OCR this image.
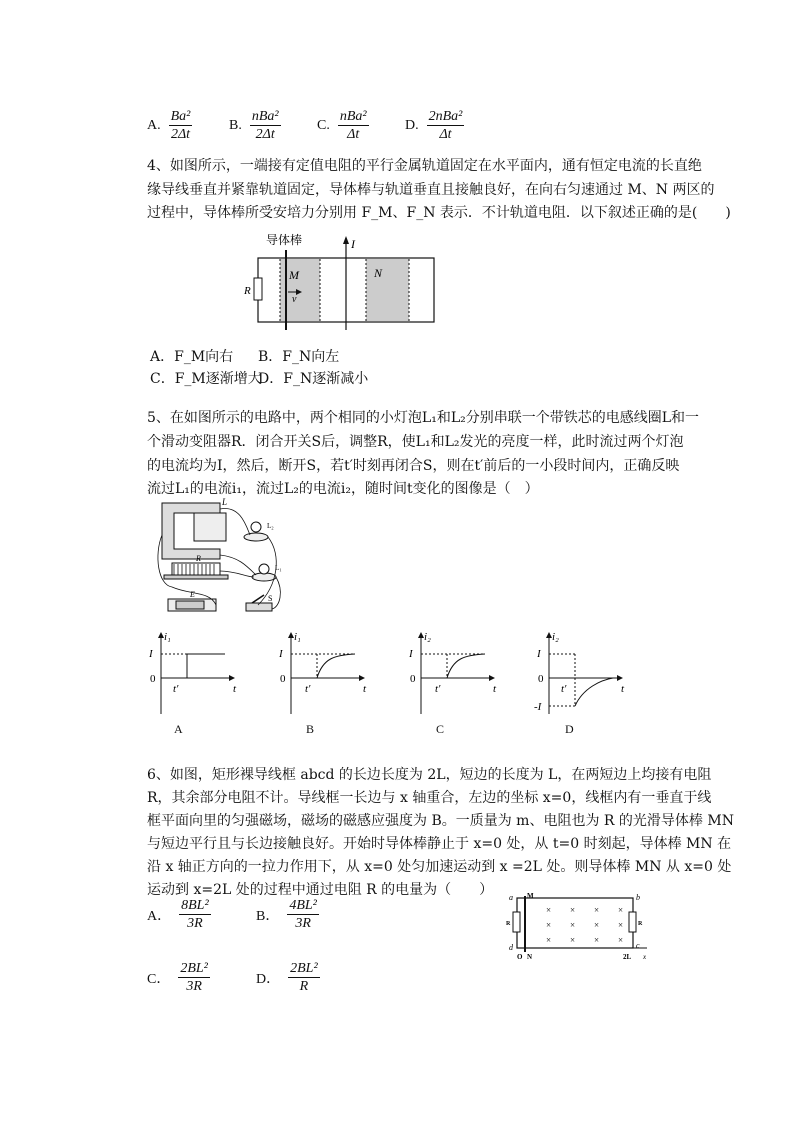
A. $\frac{\text{Ba²}}{2\Delta t}$	B. $\frac{\text{nBa²}}{2\Delta t}$	C. $\frac{\text{nBa²}}{\Delta t}$	D. $\frac{\text{2nBa²}}{\Delta t}$
4、如图所示，一端接有定值电阻的平行金属轨道固定在水平面内，通有恒定电流的长直绝
缘导线垂直并紧靠轨道固定，导体棒与轨道垂直且接触良好，在向右匀速通过 M、N 两区的
过程中，导体棒所受安培力分别用 F_M、F_N 表示．不计轨道电阻．以下叙述正确的是(　　)
导体棒	I
R
M
v
N
A．F_M向右 B．F_N向左
C．F_M逐渐增大
D．F_N逐渐减小
5、在如图所示的电路中，两个相同的小灯泡L₁和L₂分别串联一个带铁芯的电感线圈L和一
个滑动变阻器R．闭合开关S后，调整R，使L₁和L₂发光的亮度一样，此时流过两个灯泡
的电流均为I，然后，断开S，若t′时刻再闭合S，则在t′前后的一小段时间内，正确反映
流过L₁的电流i₁，流过L₂的电流i₂，随时间t变化的图像是（　）
L
L₂
R
L₁
E	S
i₁
I
0
t
t′
i₁
I
0
t
t′
i₂
I
0
t
t′
i₂
I
0
t
t′
-I
A	B	C	D
6、如图，矩形裸导线框 abcd 的长边长度为 2L，短边的长度为 L，在两短边上均接有电阻
R，其余部分电阻不计。导线框一长边与 x 轴重合，左边的坐标 x=0，线框内有一垂直于线
框平面向里的匀强磁场，磁场的磁感应强度为 B。一质量为 m、电阻也为 R 的光滑导体棒 MN
与短边平行且与长边接触良好。开始时导体棒静止于 x=0 处，从 t=0 时刻起，导体棒 MN 在
沿 x 轴正方向的一拉力作用下，从 x=0 处匀加速运动到 x =2L 处。则导体棒 MN 从 x=0 处
运动到 x=2L 处的过程中通过电阻 R 的电量为（　　）
A． $\frac{\text{8BL²}}{3R}$	B． $\frac{\text{4BL²}}{3R}$
C． $\frac{\text{2BL²}}{3R}$	D． $\frac{\text{2BL²}}{R}$
a	b
c
d
M
N
O
R	R
2L x
× × × ×
× × × ×
× × × ×
